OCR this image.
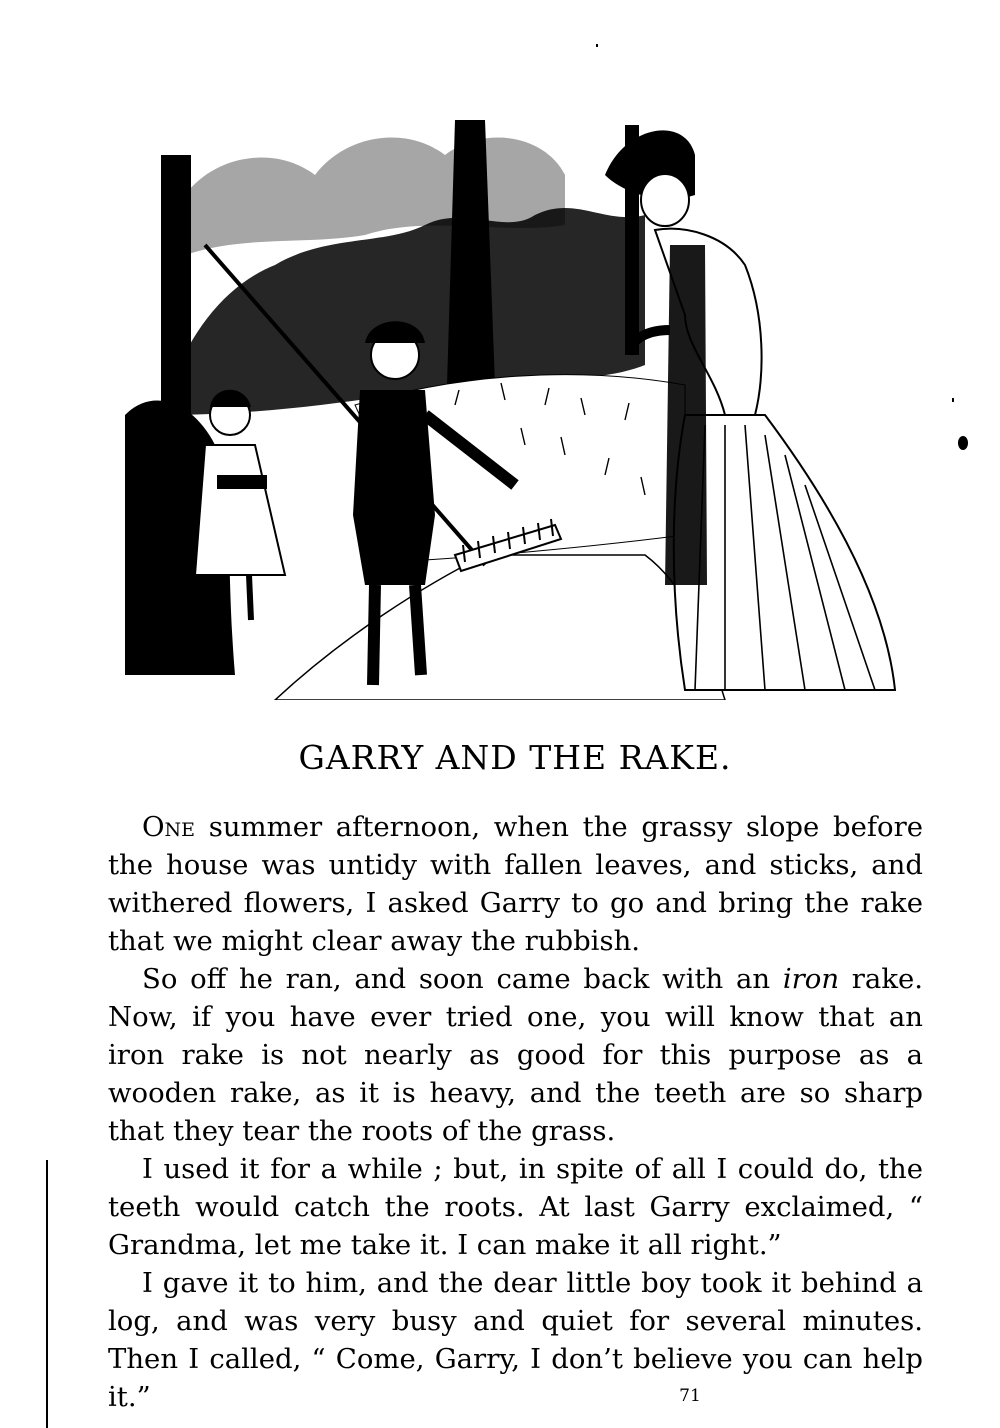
GARRY AND THE RAKE.

One summer afternoon, when the grassy slope before the house was untidy with fallen leaves, and sticks, and withered flowers, I asked Garry to go and bring the rake that we might clear away the rubbish.

So off he ran, and soon came back with an iron rake. Now, if you have ever tried one, you will know that an iron rake is not nearly as good for this purpose as a wooden rake, as it is heavy, and the teeth are so sharp that they tear the roots of the grass.

I used it for a while ; but, in spite of all I could do, the teeth would catch the roots. At last Garry exclaimed, “ Grandma, let me take it. I can make it all right.”

I gave it to him, and the dear little boy took it behind a log, and was very busy and quiet for several minutes. Then I called, “ Come, Garry, I don’t believe you can help it.”	71
